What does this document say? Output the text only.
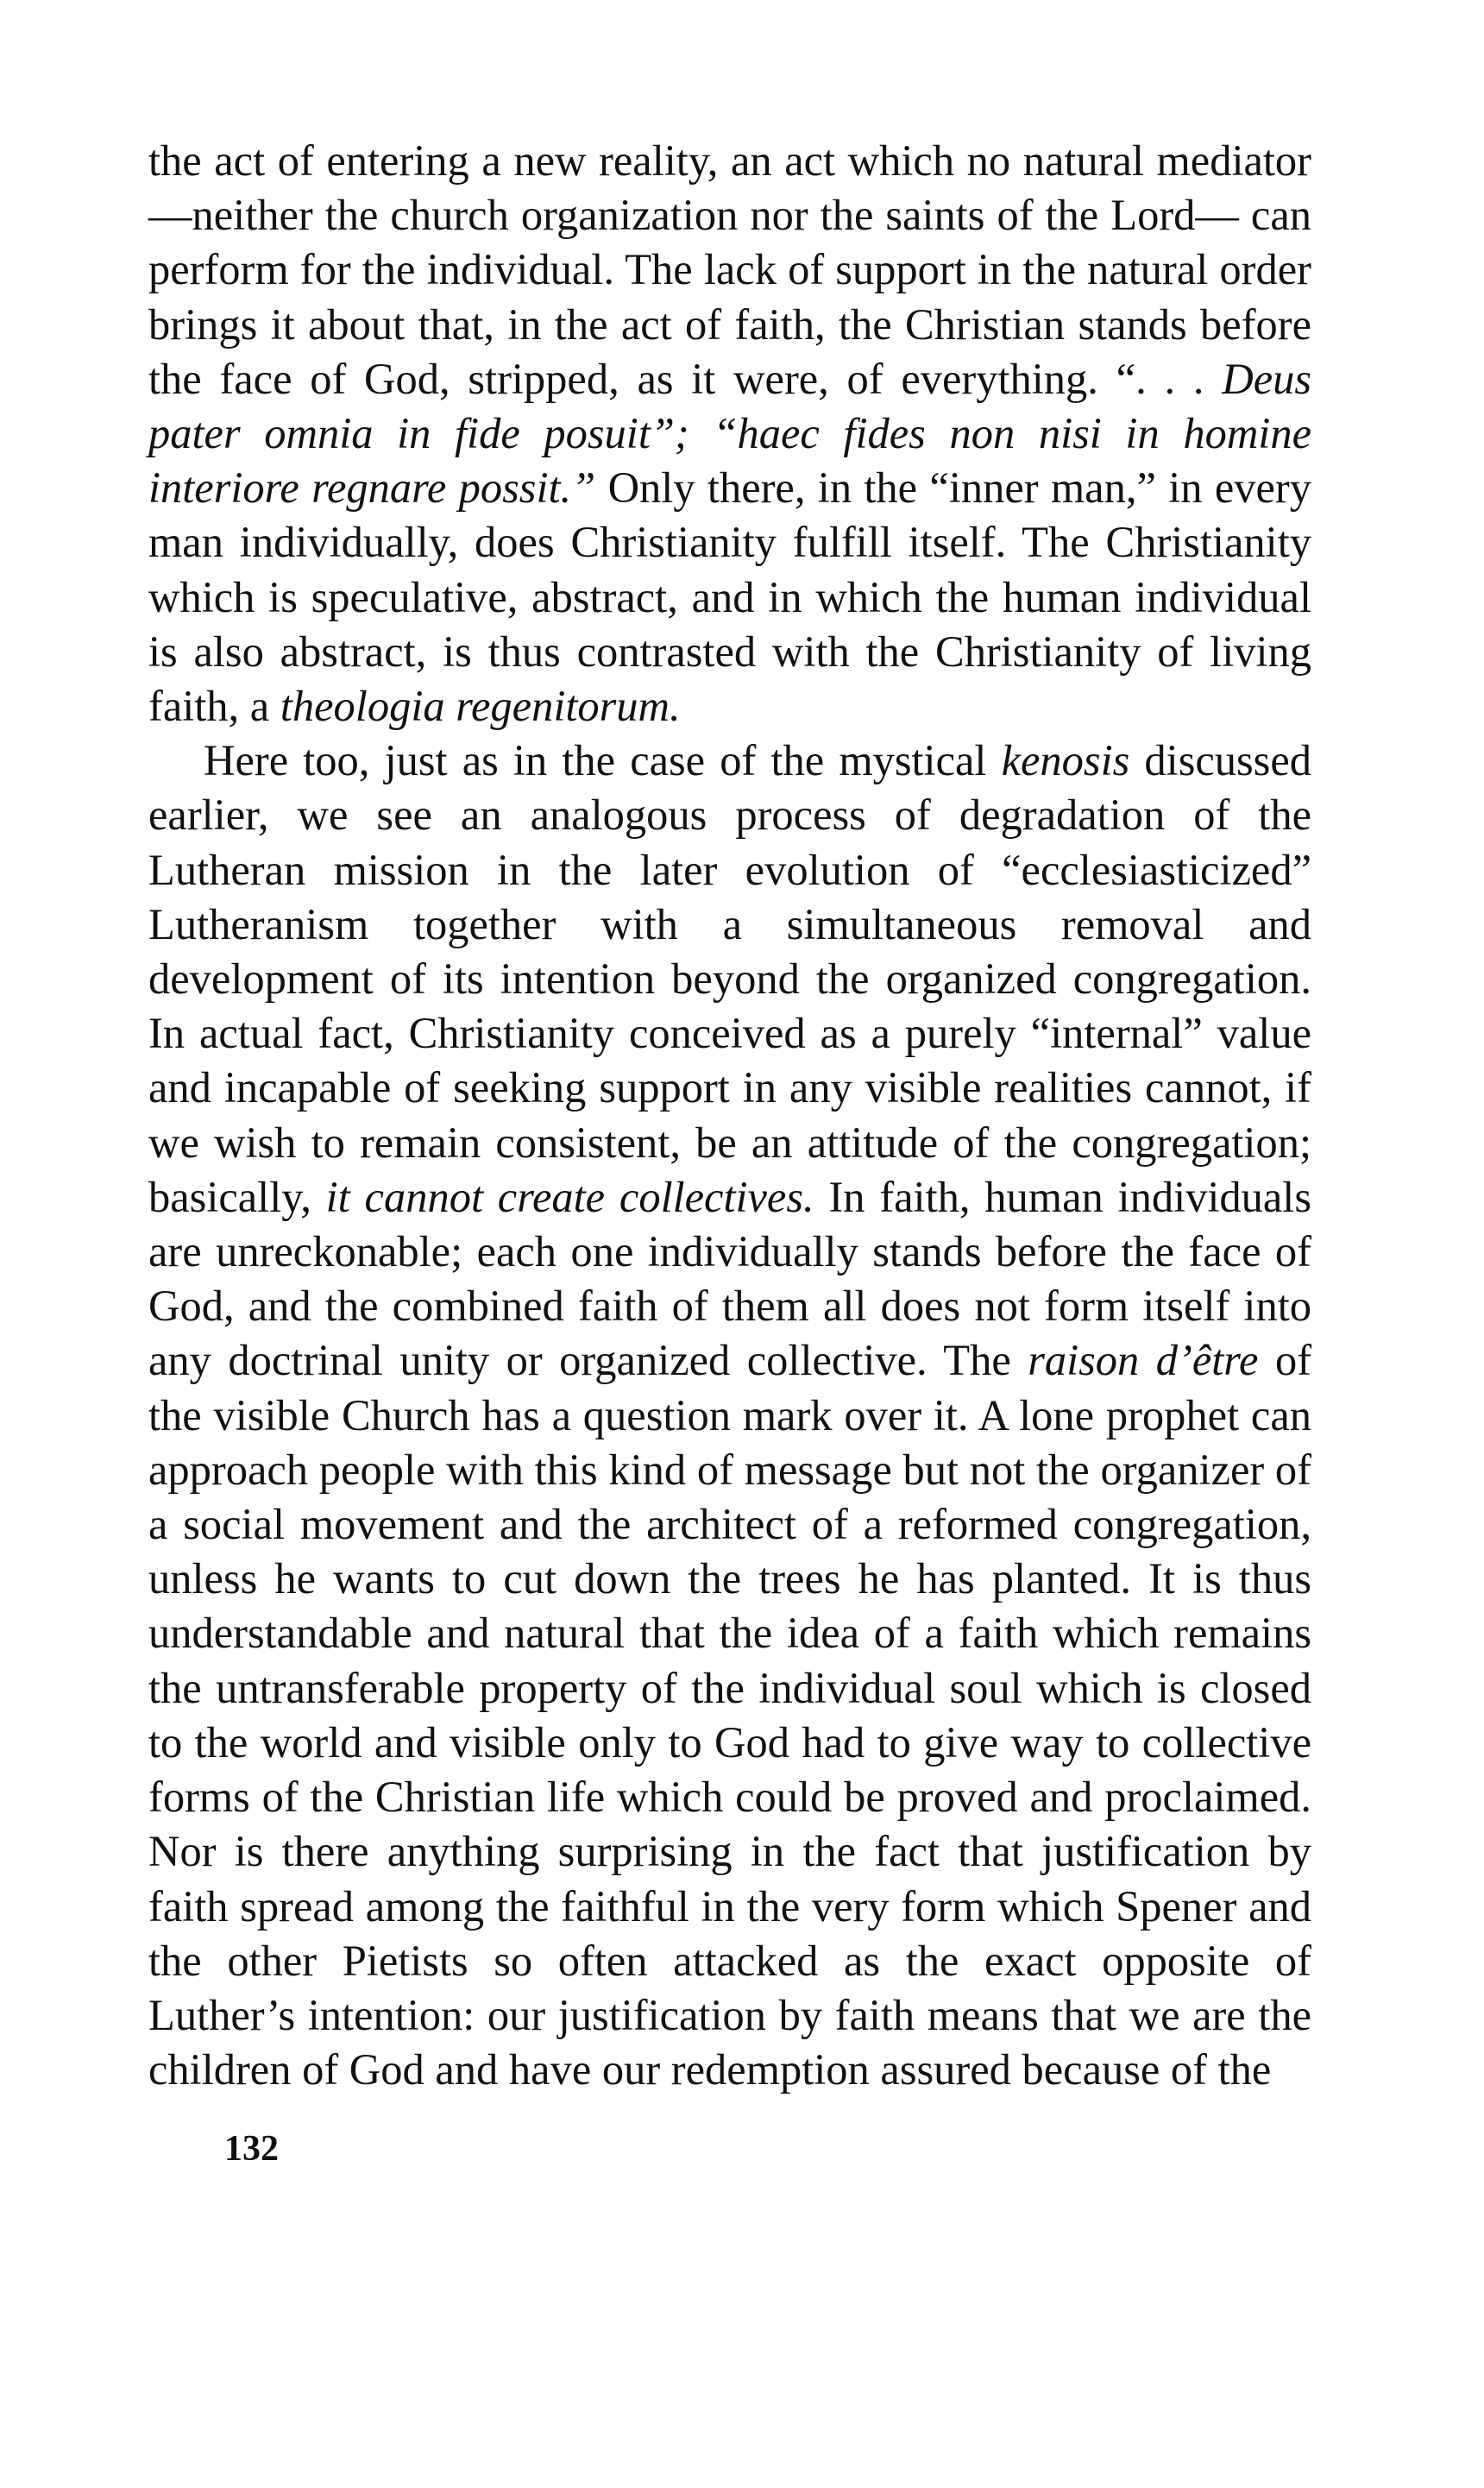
the act of entering a new reality, an act which no natural mediator —neither the church organization nor the saints of the Lord— can perform for the individual. The lack of support in the natural order brings it about that, in the act of faith, the Christian stands before the face of God, stripped, as it were, of everything. “. . . Deus pater omnia in fide posuit”; “haec fides non nisi in homine interiore regnare possit.” Only there, in the “inner man,” in every man individually, does Christianity fulfill itself. The Christianity which is speculative, abstract, and in which the human individual is also abstract, is thus contrasted with the Christianity of living faith, a theologia regenitorum.

Here too, just as in the case of the mystical kenosis discussed earlier, we see an analogous process of degradation of the Lutheran mission in the later evolution of “ecclesiasticized” Lutheranism together with a simultaneous removal and development of its intention beyond the organized congregation. In actual fact, Christianity conceived as a purely “internal” value and incapable of seeking support in any visible realities cannot, if we wish to remain consistent, be an attitude of the congregation; basically, it cannot create collectives. In faith, human individuals are unreckonable; each one individually stands before the face of God, and the combined faith of them all does not form itself into any doctrinal unity or organized collective. The raison d’être of the visible Church has a question mark over it. A lone prophet can approach people with this kind of message but not the organizer of a social movement and the architect of a reformed congregation, unless he wants to cut down the trees he has planted. It is thus understandable and natural that the idea of a faith which remains the untransferable property of the individual soul which is closed to the world and visible only to God had to give way to collective forms of the Christian life which could be proved and proclaimed. Nor is there anything surprising in the fact that justification by faith spread among the faithful in the very form which Spener and the other Pietists so often attacked as the exact opposite of Luther’s intention: our justification by faith means that we are the children of God and have our redemption assured because of the

132
